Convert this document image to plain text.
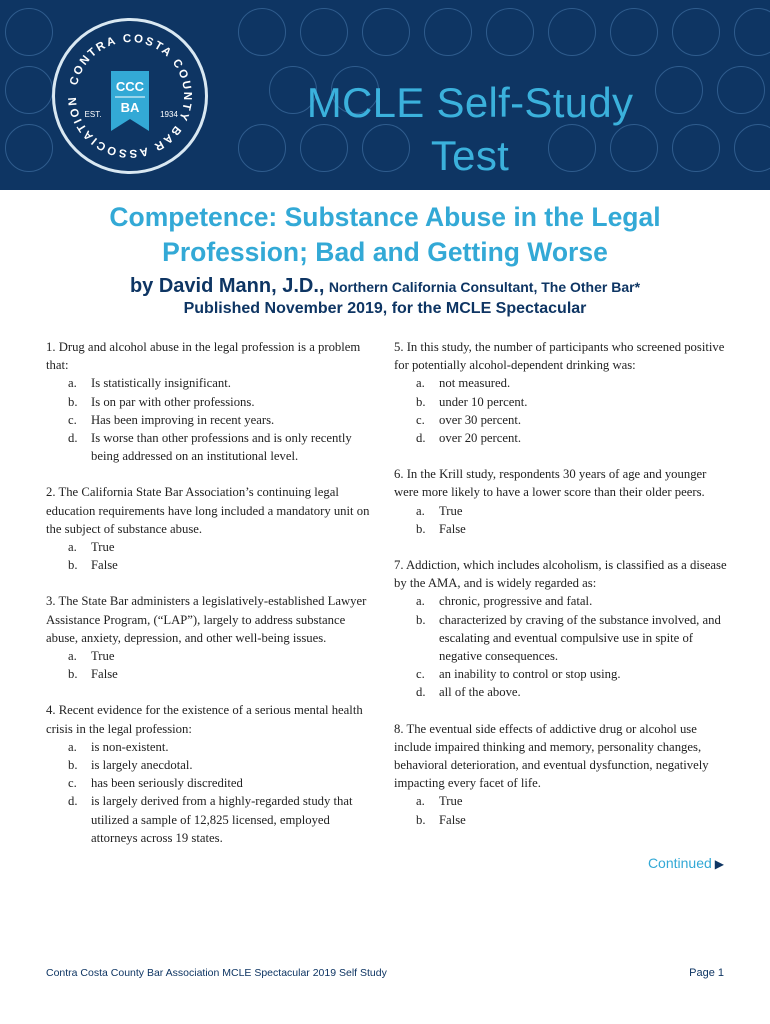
CONTRA COSTA COUNTY BAR ASSOCIATION
CCC
BA
EST.	1934	MCLE Self-Study
Test
Competence: Substance Abuse in the Legal
Profession; Bad and Getting Worse
by David Mann, J.D., Northern California Consultant, The Other Bar*
Published November 2019, for the MCLE Spectacular

1. Drug and alcohol abuse in the legal profession is a problem that:

a. Is statistically insignificant.
b. Is on par with other professions.
c. Has been improving in recent years.
d. Is worse than other professions and is only recently being addressed on an institutional level.

2. The California State Bar Association’s continuing legal education requirements have long included a mandatory unit on the subject of substance abuse.

a. True
b. False

3. The State Bar administers a legislatively-established Lawyer Assistance Program, (“LAP”), largely to address substance abuse, anxiety, depression, and other well-being issues.

a. True
b. False

4. Recent evidence for the existence of a serious mental health crisis in the legal profession:

a. is non-existent.
b. is largely anecdotal.
c. has been seriously discredited
d. is largely derived from a highly-regarded study that utilized a sample of 12,825 licensed, employed attorneys across 19 states.

5. In this study, the number of participants who screened positive for potentially alcohol-dependent drinking was:

a. not measured.
b. under 10 percent.
c. over 30 percent.
d. over 20 percent.

6. In the Krill study, respondents 30 years of age and younger were more likely to have a lower score than their older peers.

a. True
b. False

7. Addiction, which includes alcoholism, is classified as a disease by the AMA, and is widely regarded as:

a. chronic, progressive and fatal.
b. characterized by craving of the substance involved, and escalating and eventual compulsive use in spite of negative consequences.
c. an inability to control or stop using.
d. all of the above.

8. The eventual side effects of addictive drug or alcohol use include impaired thinking and memory, personality changes, behavioral deterioration, and eventual dysfunction, negatively impacting every facet of life.

a. True
b. False
Continued ▶
Contra Costa County Bar Association MCLE Spectacular 2019 Self Study	Page 1
